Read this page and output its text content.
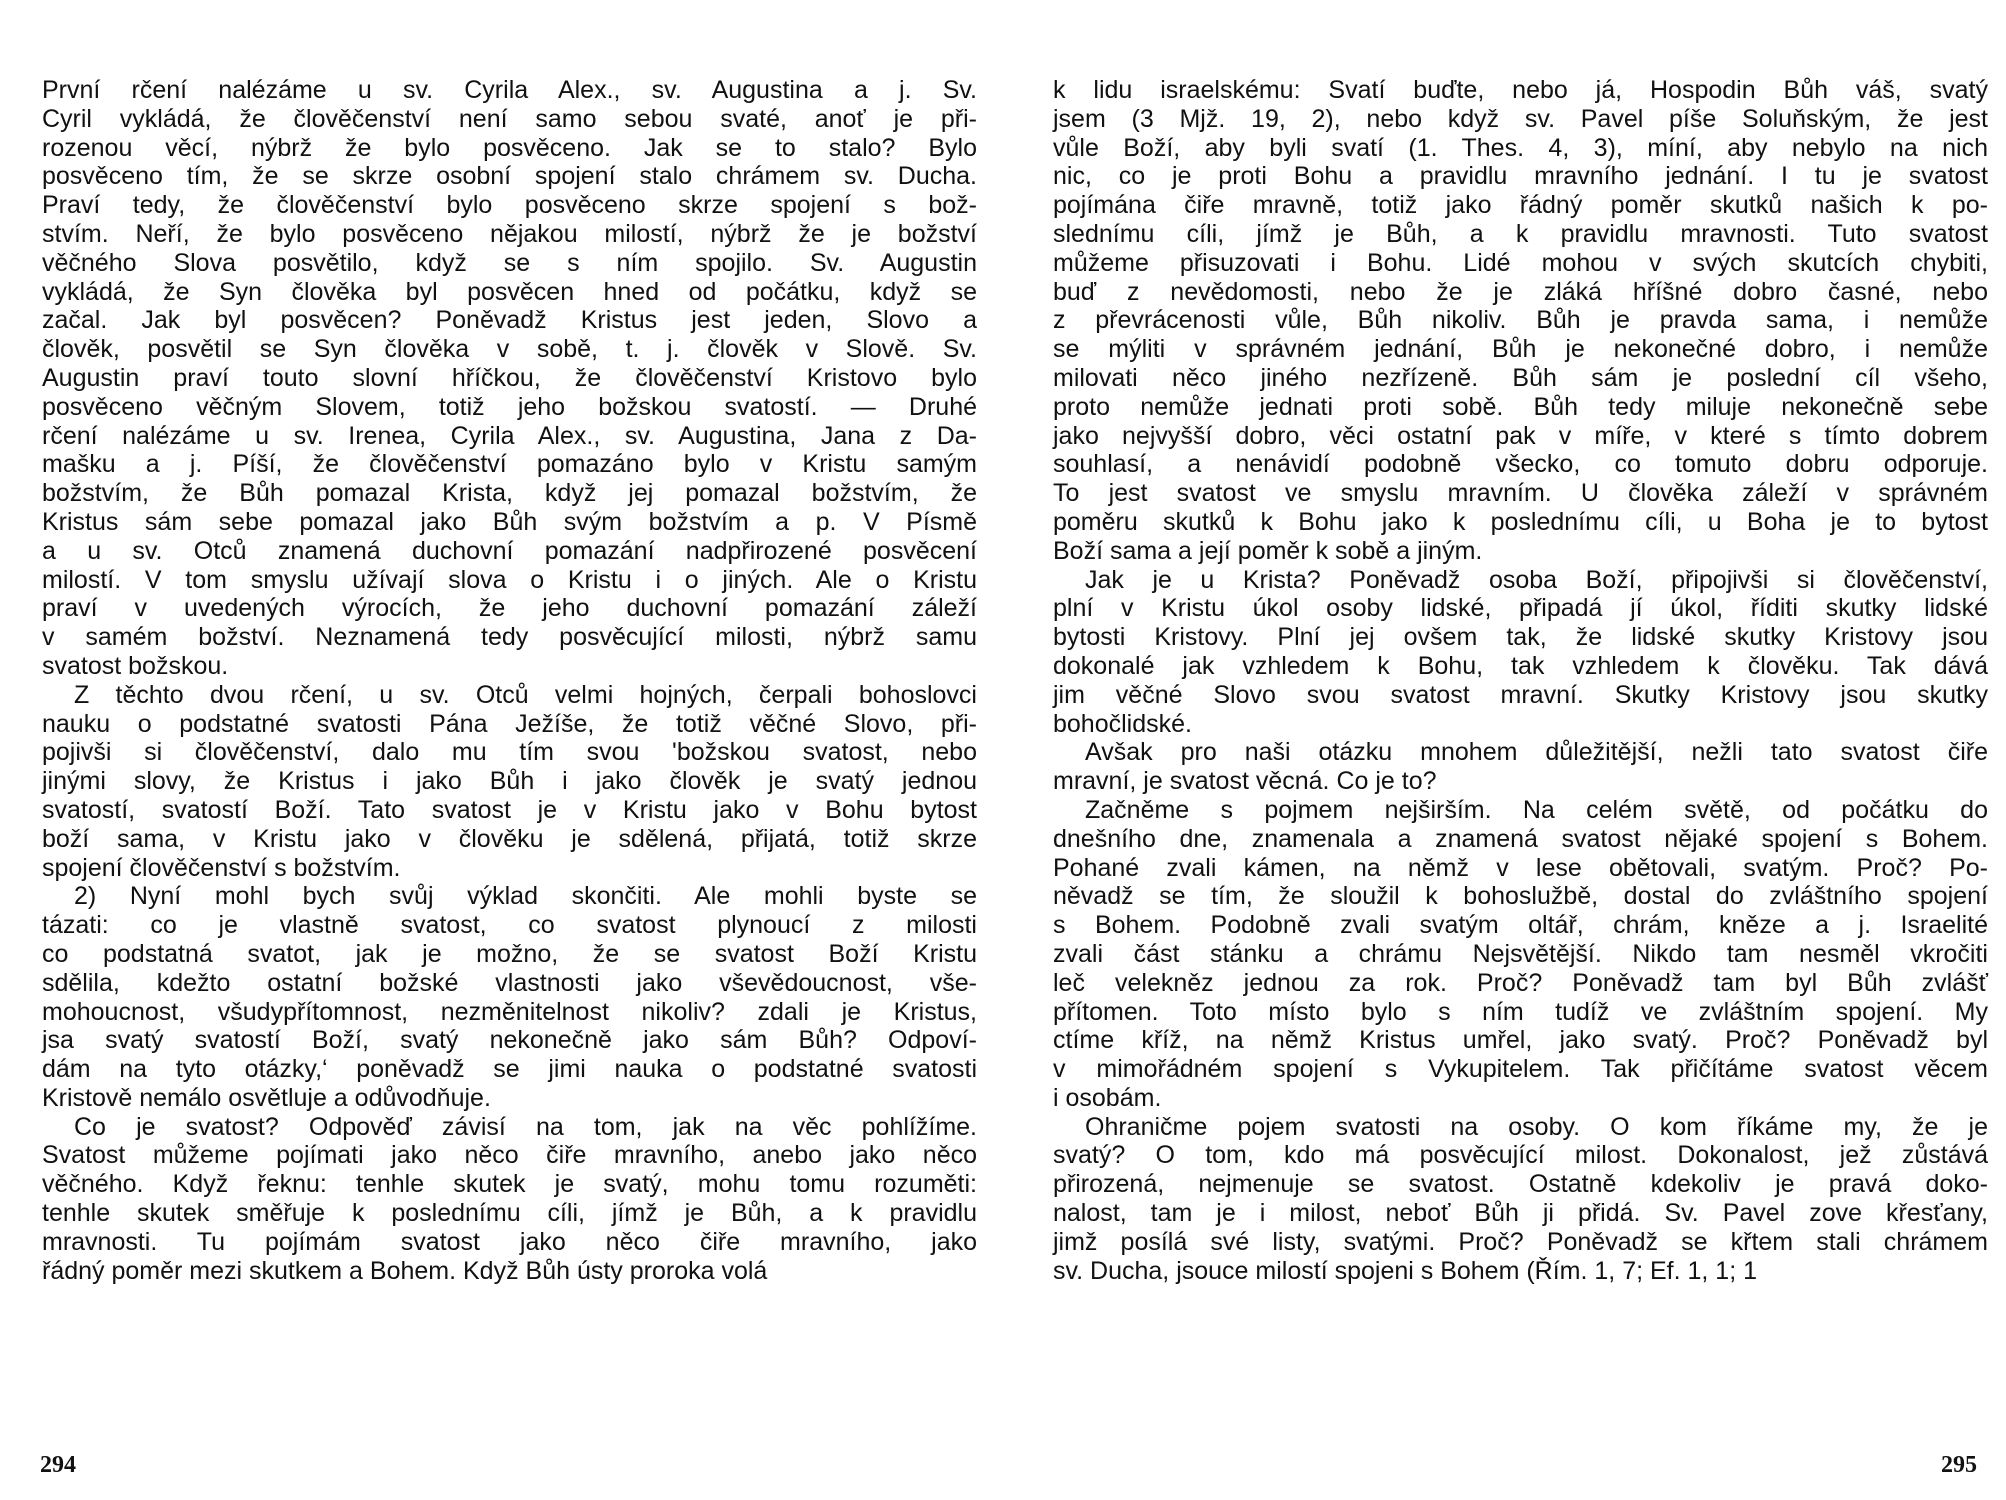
První rčení nalézáme u sv. Cyrila Alex., sv. Augustina a j. Sv.
Cyril vykládá, že člověčenství není samo sebou svaté, anoť je při-
rozenou věcí, nýbrž že bylo posvěceno. Jak se to stalo? Bylo
posvěceno tím, že se skrze osobní spojení stalo chrámem sv. Ducha.
Praví tedy, že člověčenství bylo posvěceno skrze spojení s bož-
stvím. Neří, že bylo posvěceno nějakou milostí, nýbrž že je božství
věčného Slova posvětilo, když se s ním spojilo. Sv. Augustin
vykládá, že Syn člověka byl posvěcen hned od počátku, když se
začal. Jak byl posvěcen? Poněvadž Kristus jest jeden, Slovo a
člověk, posvětil se Syn člověka v sobě, t. j. člověk v Slově. Sv.
Augustin praví touto slovní hříčkou, že člověčenství Kristovo bylo
posvěceno věčným Slovem, totiž jeho božskou svatostí. — Druhé
rčení nalézáme u sv. Irenea, Cyrila Alex., sv. Augustina, Jana z Da-
mašku a j. Píší, že člověčenství pomazáno bylo v Kristu samým
božstvím, že Bůh pomazal Krista, když jej pomazal božstvím, že
Kristus sám sebe pomazal jako Bůh svým božstvím a p. V Písmě
a u sv. Otců znamená duchovní pomazání nadpřirozené posvěcení
milostí. V tom smyslu užívají slova o Kristu i o jiných. Ale o Kristu
praví v uvedených výrocích, že jeho duchovní pomazání záleží
v samém božství. Neznamená tedy posvěcující milosti, nýbrž samu
svatost božskou.
Z těchto dvou rčení, u sv. Otců velmi hojných, čerpali bohoslovci
nauku o podstatné svatosti Pána Ježíše, že totiž věčné Slovo, při-
pojivši si člověčenství, dalo mu tím svou 'božskou svatost, nebo
jinými slovy, že Kristus i jako Bůh i jako člověk je svatý jednou
svatostí, svatostí Boží. Tato svatost je v Kristu jako v Bohu bytost
boží sama, v Kristu jako v člověku je sdělená, přijatá, totiž skrze
spojení člověčenství s božstvím.
2) Nyní mohl bych svůj výklad skončiti. Ale mohli byste se
tázati: co je vlastně svatost, co svatost plynoucí z milosti
co podstatná svatot, jak je možno, že se svatost Boží Kristu
sdělila, kdežto ostatní božské vlastnosti jako vševědoucnost, vše-
mohoucnost, všudypřítomnost, nezměnitelnost nikoliv? zdali je Kristus,
jsa svatý svatostí Boží, svatý nekonečně jako sám Bůh? Odpoví-
dám na tyto otázky,‘ poněvadž se jimi nauka o podstatné svatosti
Kristově nemálo osvětluje a odůvodňuje.
Co je svatost? Odpověď závisí na tom, jak na věc pohlížíme.
Svatost můžeme pojímati jako něco čiře mravního, anebo jako něco
věčného. Když řeknu: tenhle skutek je svatý, mohu tomu rozuměti:
tenhle skutek směřuje k poslednímu cíli, jímž je Bůh, a k pravidlu
mravnosti. Tu pojímám svatost jako něco čiře mravního, jako
řádný poměr mezi skutkem a Bohem. Když Bůh ústy proroka volá
294
k lidu israelskému: Svatí buďte, nebo já, Hospodin Bůh váš, svatý
jsem (3 Mjž. 19, 2), nebo když sv. Pavel píše Soluňským, že jest
vůle Boží, aby byli svatí (1. Thes. 4, 3), míní, aby nebylo na nich
nic, co je proti Bohu a pravidlu mravního jednání. I tu je svatost
pojímána čiře mravně, totiž jako řádný poměr skutků našich k po-
slednímu cíli, jímž je Bůh, a k pravidlu mravnosti. Tuto svatost
můžeme přisuzovati i Bohu. Lidé mohou v svých skutcích chybiti,
buď z nevědomosti, nebo že je zláká hříšné dobro časné, nebo
z převrácenosti vůle, Bůh nikoliv. Bůh je pravda sama, i nemůže
se mýliti v správném jednání, Bůh je nekonečné dobro, i nemůže
milovati něco jiného nezřízeně. Bůh sám je poslední cíl všeho,
proto nemůže jednati proti sobě. Bůh tedy miluje nekonečně sebe
jako nejvyšší dobro, věci ostatní pak v míře, v které s tímto dobrem
souhlasí, a nenávidí podobně všecko, co tomuto dobru odporuje.
To jest svatost ve smyslu mravním. U člověka záleží v správném
poměru skutků k Bohu jako k poslednímu cíli, u Boha je to bytost
Boží sama a její poměr k sobě a jiným.
Jak je u Krista? Poněvadž osoba Boží, připojivši si člověčenství,
plní v Kristu úkol osoby lidské, připadá jí úkol, říditi skutky lidské
bytosti Kristovy. Plní jej ovšem tak, že lidské skutky Kristovy jsou
dokonalé jak vzhledem k Bohu, tak vzhledem k člověku. Tak dává
jim věčné Slovo svou svatost mravní. Skutky Kristovy jsou skutky
bohočlidské.
Avšak pro naši otázku mnohem důležitější, nežli tato svatost čiře
mravní, je svatost věcná. Co je to?
Začněme s pojmem nejširším. Na celém světě, od počátku do
dnešního dne, znamenala a znamená svatost nějaké spojení s Bohem.
Pohané zvali kámen, na němž v lese obětovali, svatým. Proč? Po-
něvadž se tím, že sloužil k bohoslužbě, dostal do zvláštního spojení
s Bohem. Podobně zvali svatým oltář, chrám, kněze a j. Israelité
zvali část stánku a chrámu Nejsvětější. Nikdo tam nesměl vkročiti
leč velekněz jednou za rok. Proč? Poněvadž tam byl Bůh zvlášť
přítomen. Toto místo bylo s ním tudíž ve zvláštním spojení. My
ctíme kříž, na němž Kristus umřel, jako svatý. Proč? Poněvadž byl
v mimořádném spojení s Vykupitelem. Tak přičítáme svatost věcem
i osobám.
Ohraničme pojem svatosti na osoby. O kom říkáme my, že je
svatý? O tom, kdo má posvěcující milost. Dokonalost, jež zůstává
přirozená, nejmenuje se svatost. Ostatně kdekoliv je pravá doko-
nalost, tam je i milost, neboť Bůh ji přidá. Sv. Pavel zove křesťany,
jimž posílá své listy, svatými. Proč? Poněvadž se křtem stali chrámem
sv. Ducha, jsouce milostí spojeni s Bohem (Řím. 1, 7; Ef. 1, 1; 1
295
